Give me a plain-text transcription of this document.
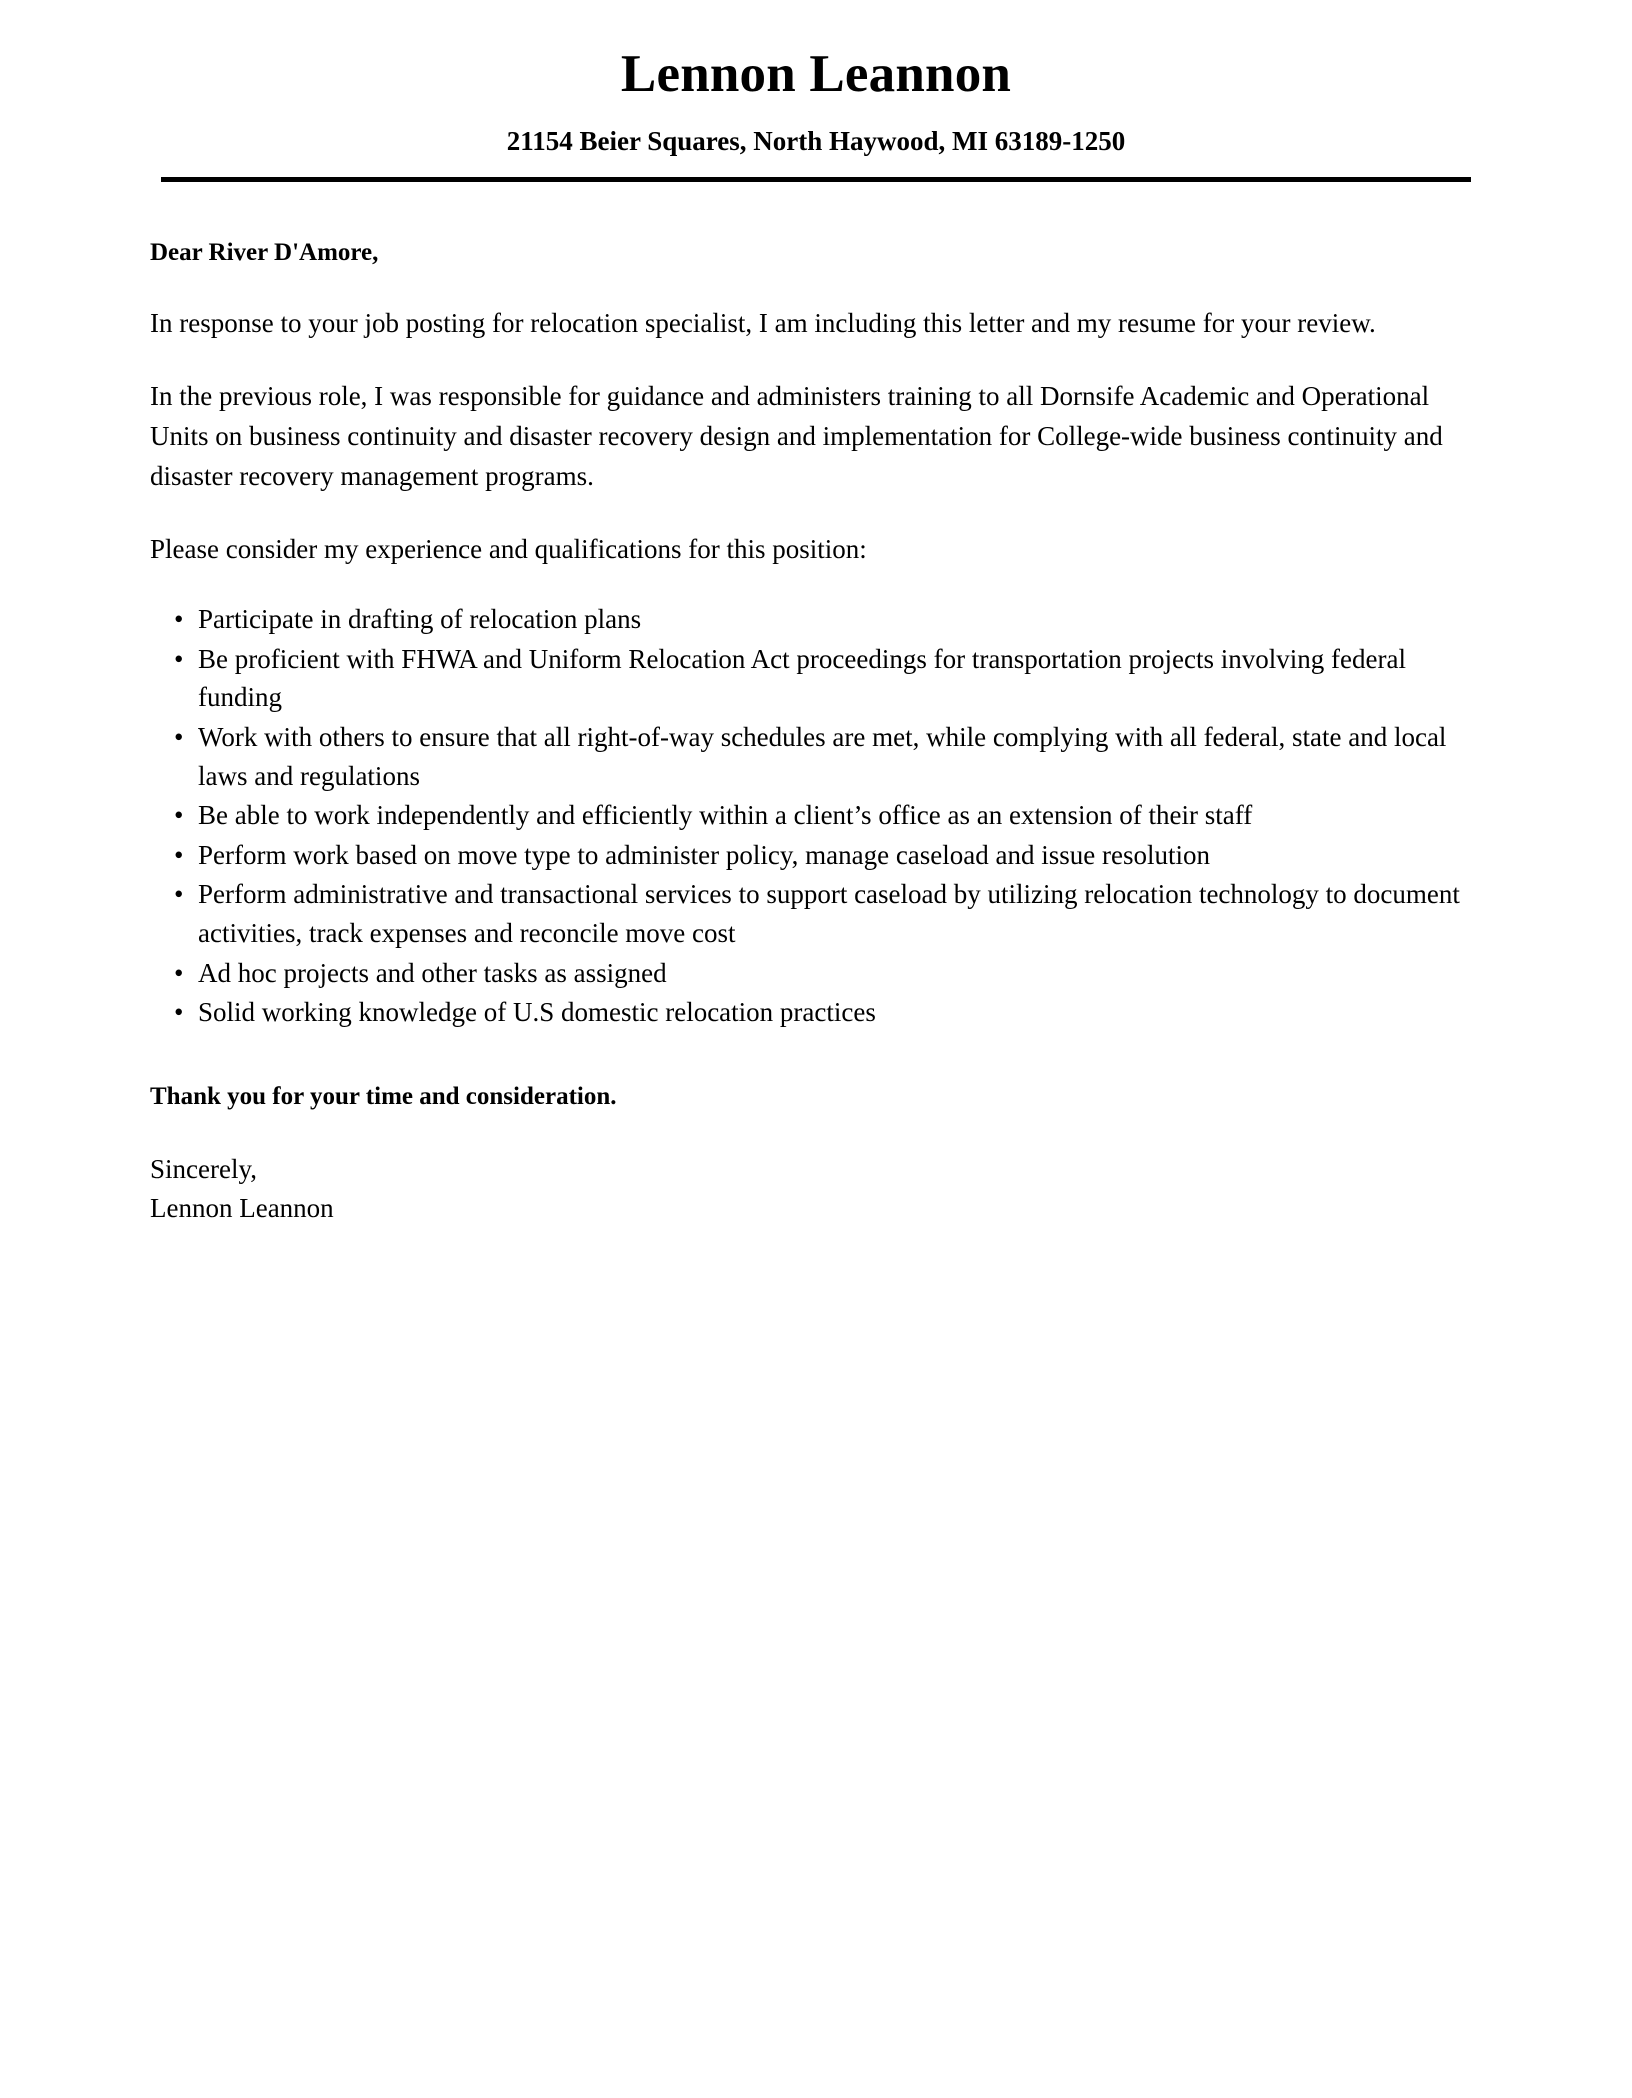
Lennon Leannon
21154 Beier Squares, North Haywood, MI 63189-1250

Dear River D'Amore,

In response to your job posting for relocation specialist, I am including this letter and my resume for your review.

In the previous role, I was responsible for guidance and administers training to all Dornsife Academic and Operational Units on business continuity and disaster recovery design and implementation for College-wide business continuity and disaster recovery management programs.

Please consider my experience and qualifications for this position:

• Participate in drafting of relocation plans
• Be proficient with FHWA and Uniform Relocation Act proceedings for transportation projects involving federal funding
• Work with others to ensure that all right-of-way schedules are met, while complying with all federal, state and local laws and regulations
• Be able to work independently and efficiently within a client’s office as an extension of their staff
• Perform work based on move type to administer policy, manage caseload and issue resolution
• Perform administrative and transactional services to support caseload by utilizing relocation technology to document activities, track expenses and reconcile move cost
• Ad hoc projects and other tasks as assigned
• Solid working knowledge of U.S domestic relocation practices

Thank you for your time and consideration.

Sincerely,
Lennon Leannon
